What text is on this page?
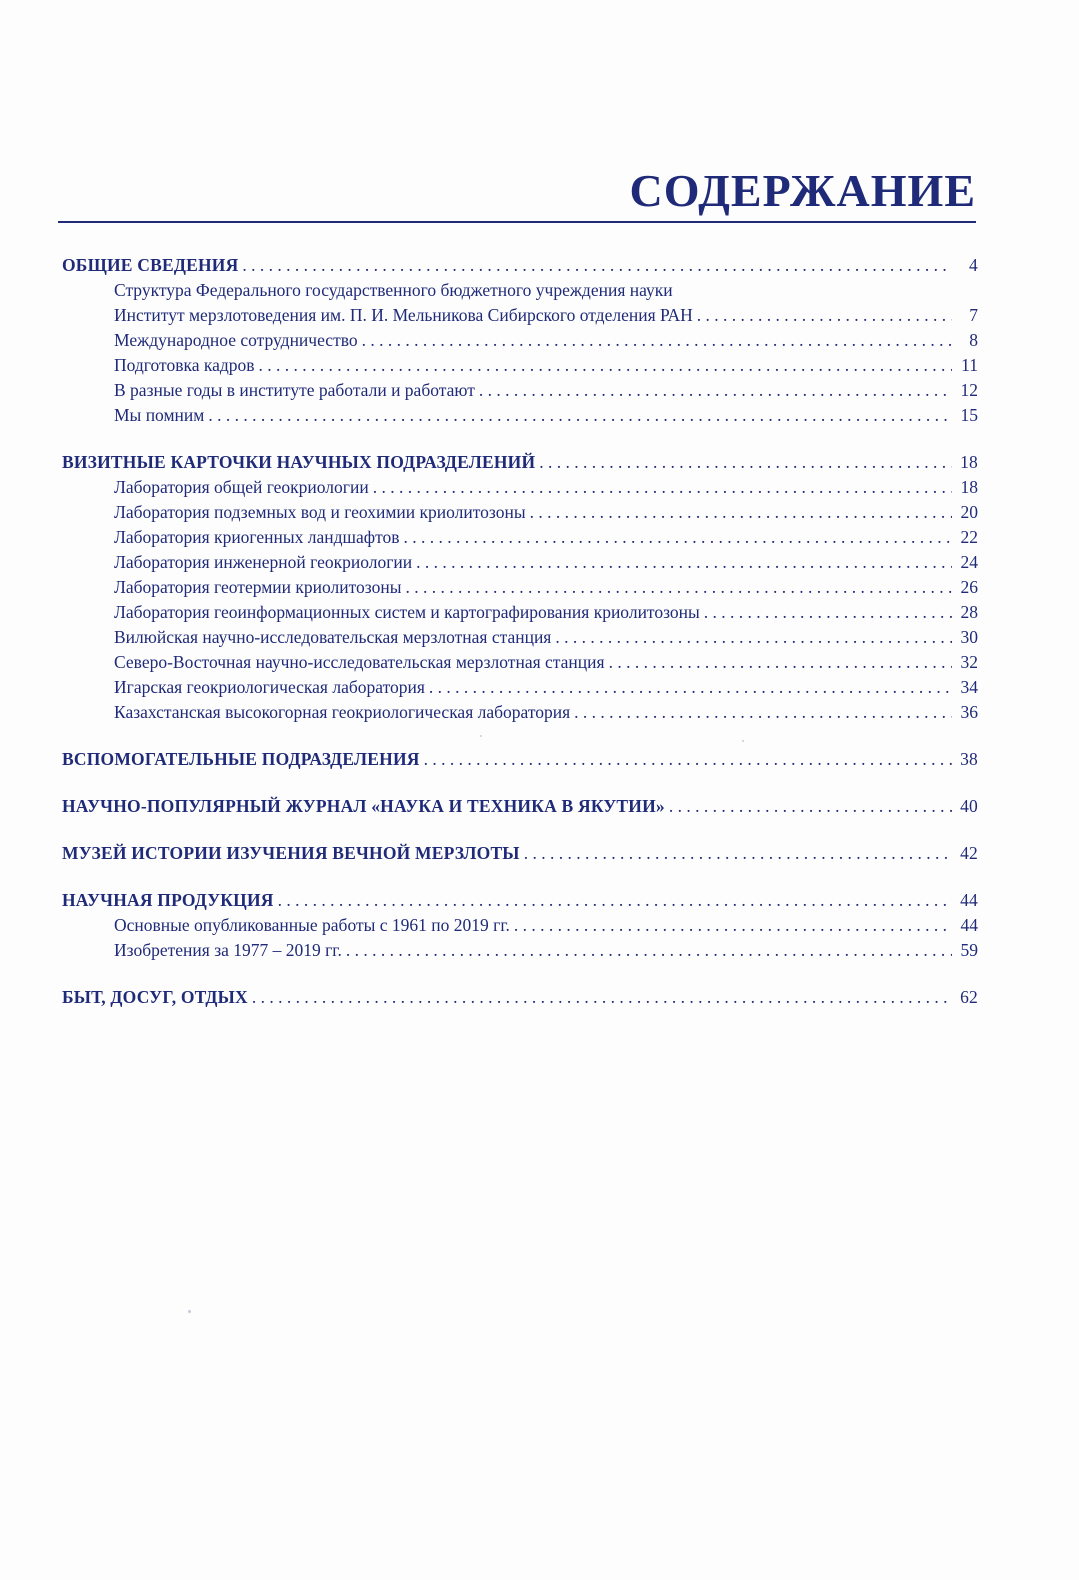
СОДЕРЖАНИЕ
ОБЩИЕ СВЕДЕНИЯ . . .	4
Структура Федерального государственного бюджетного учреждения науки
Институт мерзлотоведения им. П. И. Мельникова Сибирского отделения РАН . . .	7
Международное сотрудничество . . .	8
Подготовка кадров . . .	11
В разные годы в институте работали и работают . . .	12
Мы помним . . .	15
ВИЗИТНЫЕ КАРТОЧКИ НАУЧНЫХ ПОДРАЗДЕЛЕНИЙ . . .	18
Лаборатория общей геокриологии . . .	18
Лаборатория подземных вод и геохимии криолитозоны . . .	20
Лаборатория криогенных ландшафтов . . .	22
Лаборатория инженерной геокриологии . . .	24
Лаборатория геотермии криолитозоны . . .	26
Лаборатория геоинформационных систем и картографирования криолитозоны . . .	28
Вилюйская научно-исследовательская мерзлотная станция . . .	30
Северо-Восточная научно-исследовательская мерзлотная станция . . .	32
Игарская геокриологическая лаборатория . . .	34
Казахстанская высокогорная геокриологическая лаборатория . . .	36
ВСПОМОГАТЕЛЬНЫЕ ПОДРАЗДЕЛЕНИЯ . . .	38
НАУЧНО-ПОПУЛЯРНЫЙ ЖУРНАЛ «НАУКА И ТЕХНИКА В ЯКУТИИ» . . .	40
МУЗЕЙ ИСТОРИИ ИЗУЧЕНИЯ ВЕЧНОЙ МЕРЗЛОТЫ . . .	42
НАУЧНАЯ ПРОДУКЦИЯ . . .	44
Основные опубликованные работы с 1961 по 2019 гг. . . .	44
Изобретения за 1977 – 2019 гг. . . .	59
БЫТ, ДОСУГ, ОТДЫХ . . .	62
